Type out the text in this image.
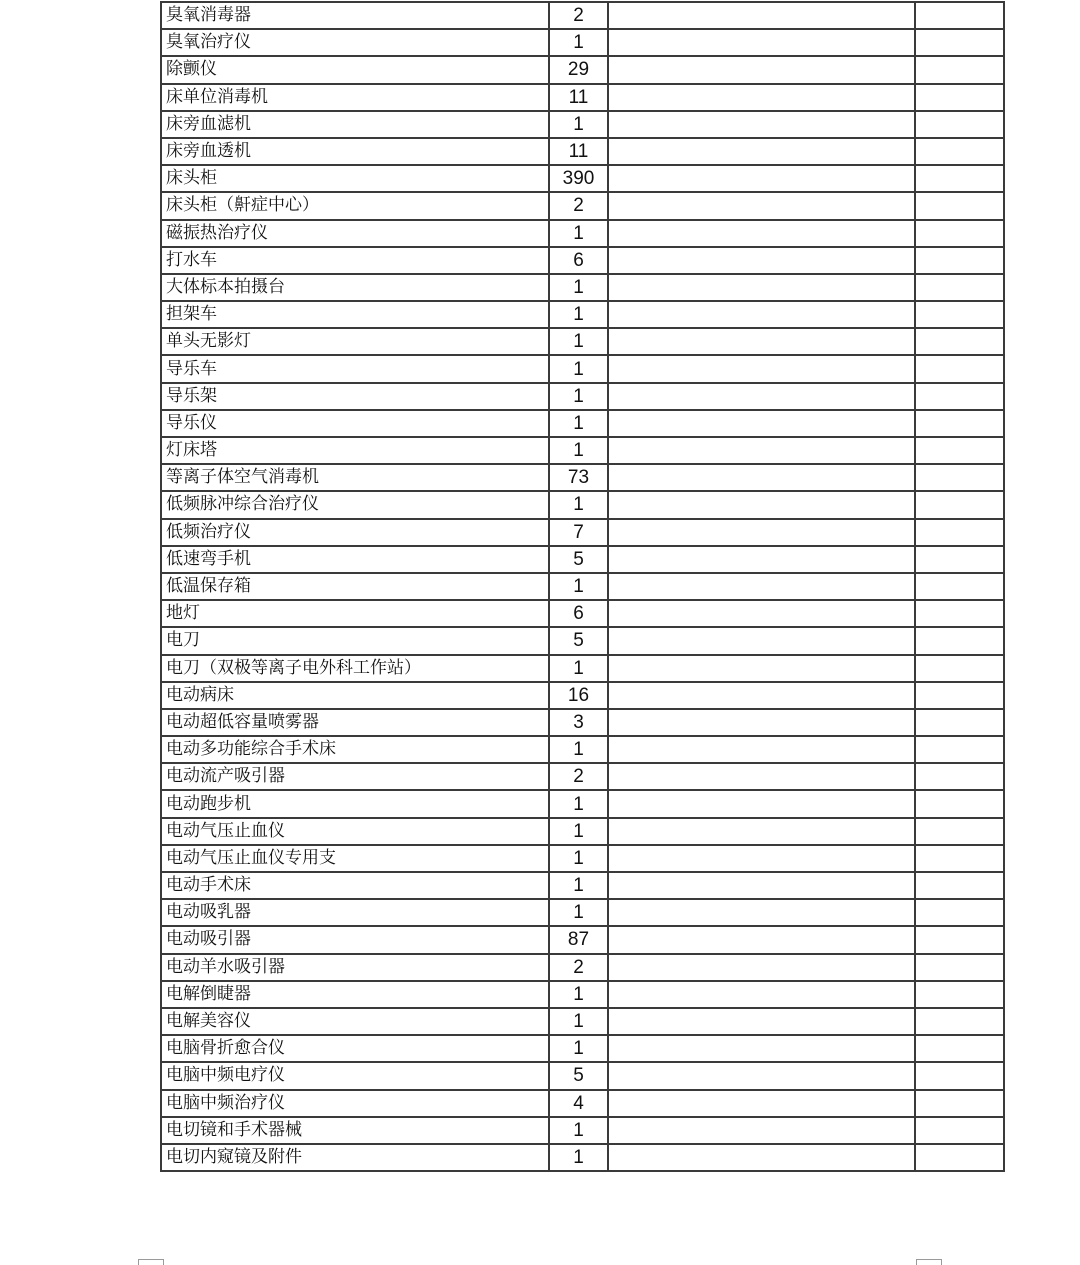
臭氧消毒器	2		
臭氧治疗仪	1		
除颤仪	29		
床单位消毒机	11		
床旁血滤机	1		
床旁血透机	11		
床头柜	390		
床头柜（鼾症中心）	2		
磁振热治疗仪	1		
打水车	6		
大体标本拍摄台	1		
担架车	1		
单头无影灯	1		
导乐车	1		
导乐架	1		
导乐仪	1		
灯床塔	1		
等离子体空气消毒机	73		
低频脉冲综合治疗仪	1		
低频治疗仪	7		
低速弯手机	5		
低温保存箱	1		
地灯	6		
电刀	5		
电刀（双极等离子电外科工作站）	1		
电动病床	16		
电动超低容量喷雾器	3		
电动多功能综合手术床	1		
电动流产吸引器	2		
电动跑步机	1		
电动气压止血仪	1		
电动气压止血仪专用支	1		
电动手术床	1		
电动吸乳器	1		
电动吸引器	87		
电动羊水吸引器	2		
电解倒睫器	1		
电解美容仪	1		
电脑骨折愈合仪	1		
电脑中频电疗仪	5		
电脑中频治疗仪	4		
电切镜和手术器械	1		
电切内窥镜及附件	1		
